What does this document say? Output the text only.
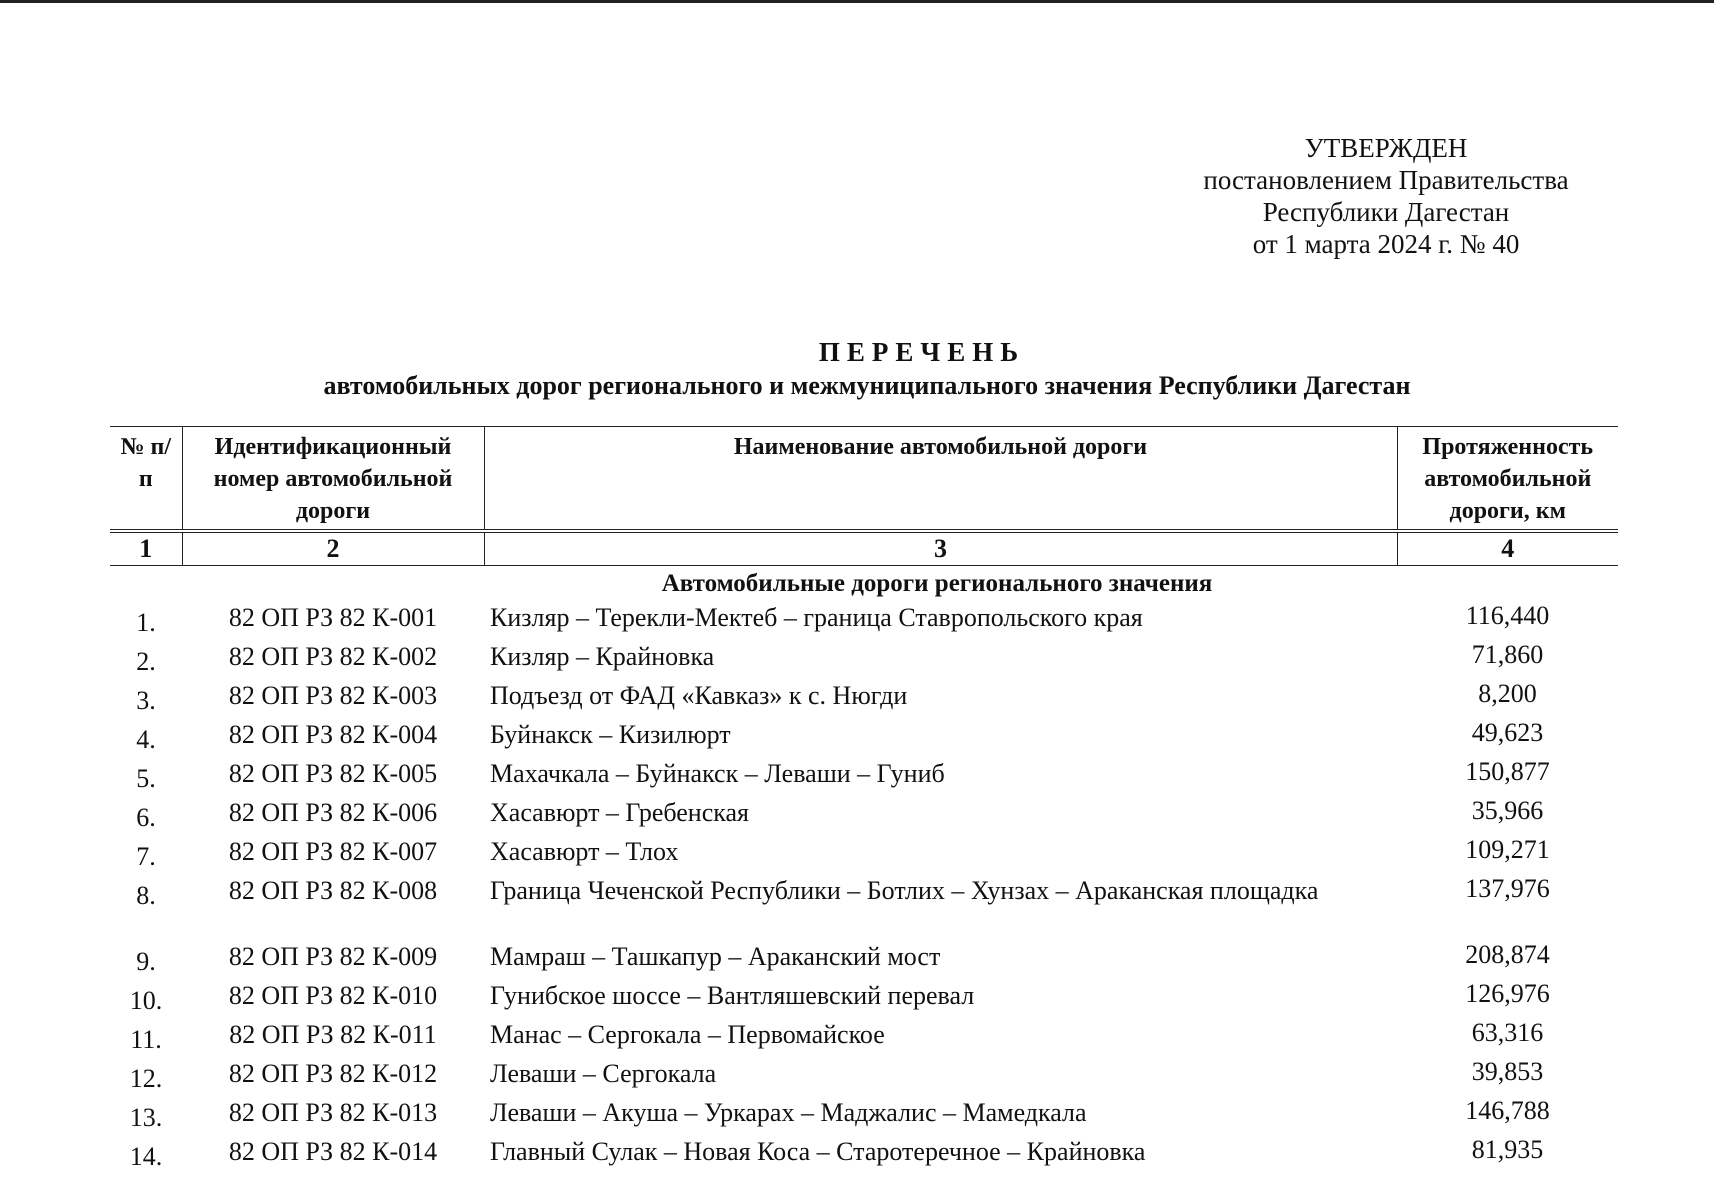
УТВЕРЖДЕН
постановлением Правительства
Республики Дагестан
от 1 марта 2024 г. № 40
ПЕРЕЧЕНЬ
автомобильных дорог регионального и межмуниципального значения Республики Дагестан
№ п/п	Идентификационный номер автомобильной дороги	Наименование автомобильной дороги	Протяженность автомобильной дороги, км
1	2	3	4
Автомобильные дороги регионального значения			
1.	82 ОП РЗ 82 К-001	Кизляр – Терекли-Мектеб – граница Ставропольского края	116,440
2.	82 ОП РЗ 82 К-002	Кизляр – Крайновка	71,860
3.	82 ОП РЗ 82 К-003	Подъезд от ФАД «Кавказ» к с. Нюгди	8,200
4.	82 ОП РЗ 82 К-004	Буйнакск – Кизилюрт	49,623
5.	82 ОП РЗ 82 К-005	Махачкала – Буйнакск – Леваши – Гуниб	150,877
6.	82 ОП РЗ 82 К-006	Хасавюрт – Гребенская	35,966
7.	82 ОП РЗ 82 К-007	Хасавюрт – Тлох	109,271
8.	82 ОП РЗ 82 К-008	Граница Чеченской Республики – Ботлих – Хунзах – Араканская площадка	137,976
9.	82 ОП РЗ 82 К-009	Мамраш – Ташкапур – Араканский мост	208,874
10.	82 ОП РЗ 82 К-010	Гунибское шоссе – Вантляшевский перевал	126,976
11.	82 ОП РЗ 82 К-011	Манас – Сергокала – Первомайское	63,316
12.	82 ОП РЗ 82 К-012	Леваши – Сергокала	39,853
13.	82 ОП РЗ 82 К-013	Леваши – Акуша – Уркарах – Маджалис – Мамедкала	146,788
14.	82 ОП РЗ 82 К-014	Главный Сулак – Новая Коса – Старотеречное – Крайновка	81,935
